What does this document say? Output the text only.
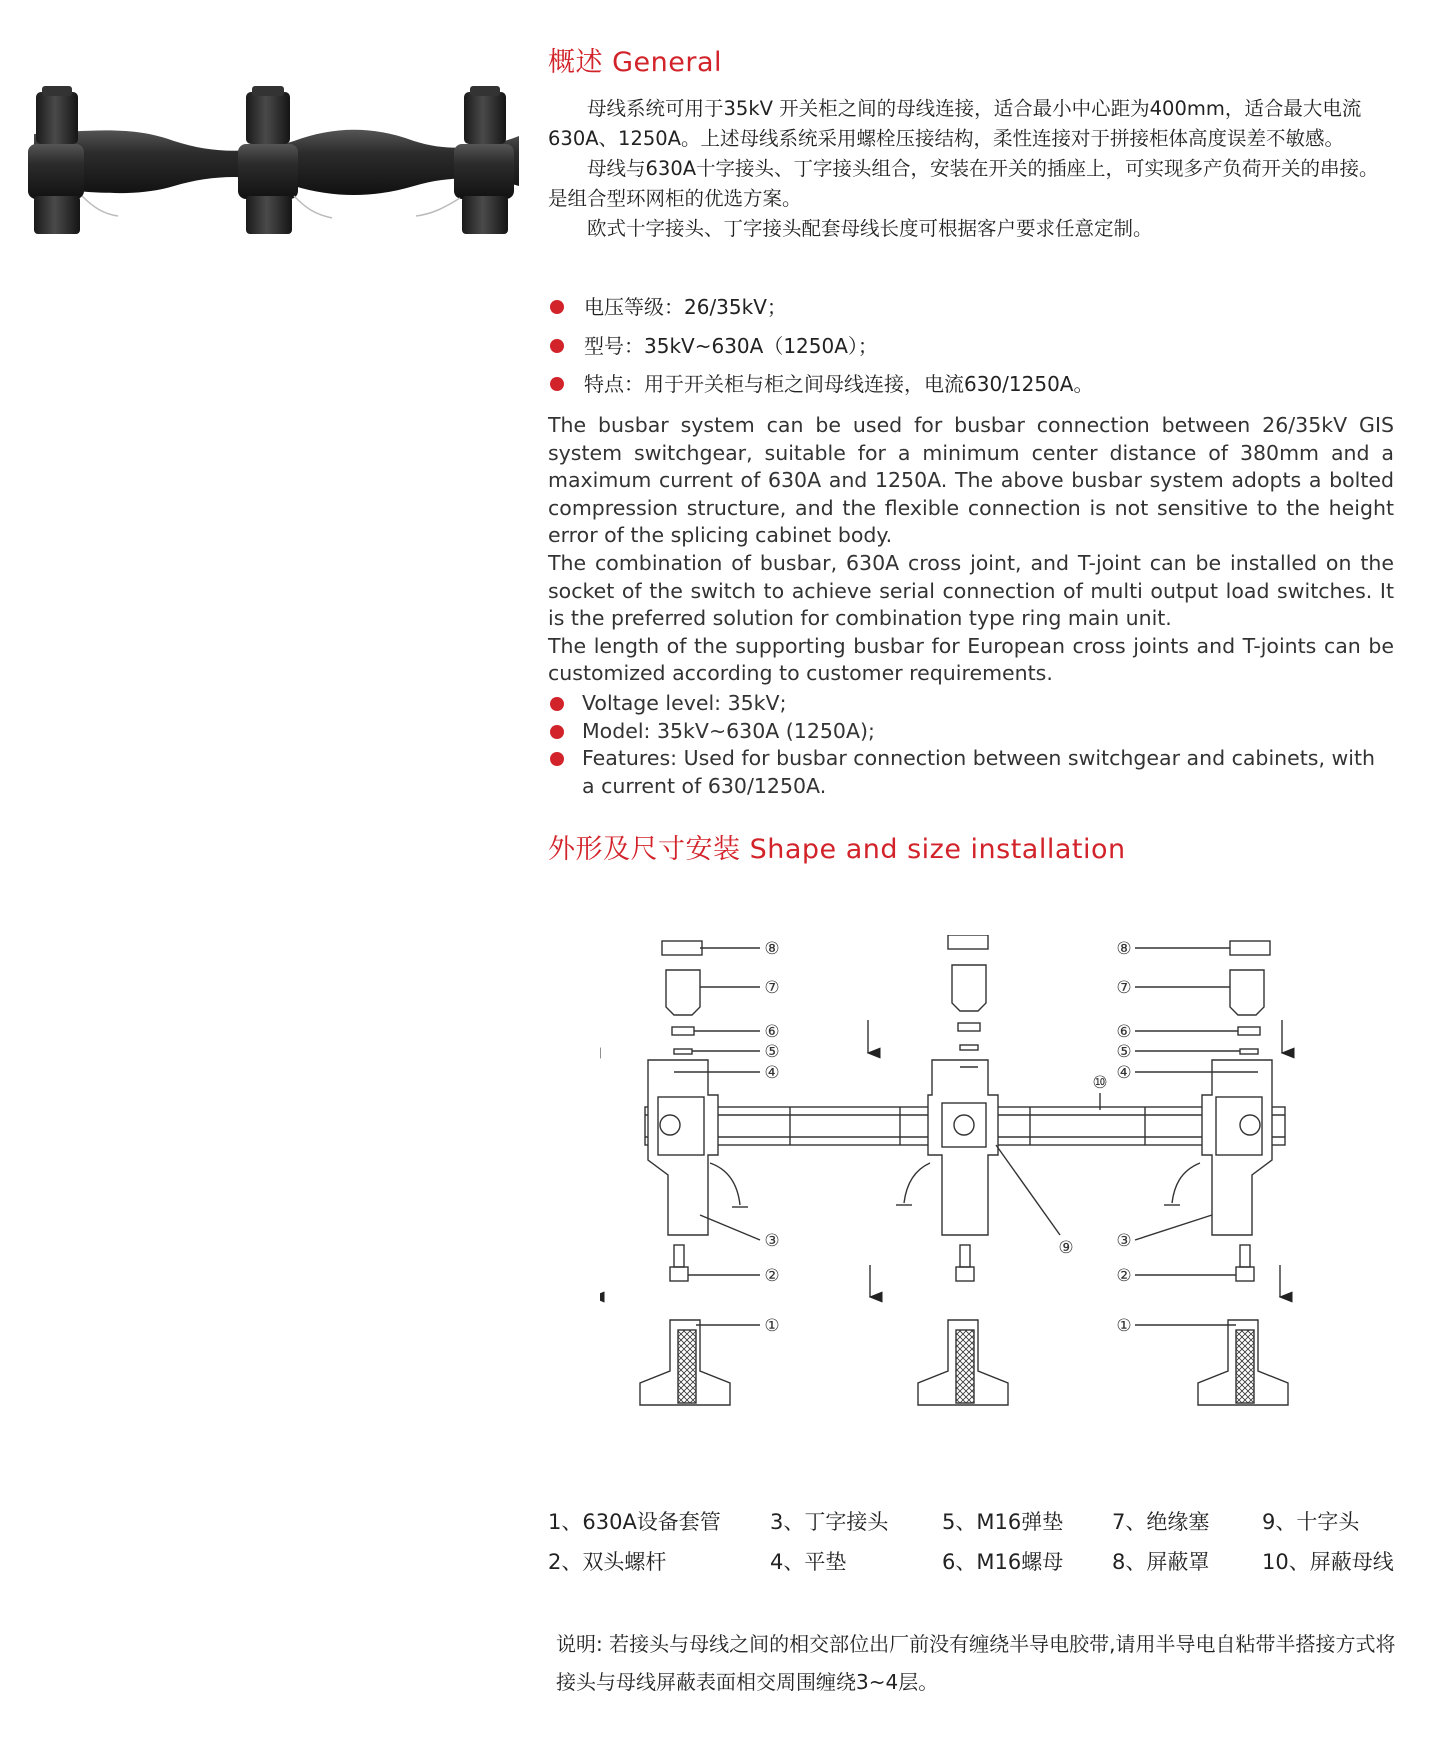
概述 General

母线系统可用于35kV 开关柜之间的母线连接，适合最小中心距为400mm，适合最大电流630A、1250A。上述母线系统采用螺栓压接结构，柔性连接对于拼接柜体高度误差不敏感。

母线与630A十字接头、丁字接头组合，安装在开关的插座上，可实现多产负荷开关的串接。是组合型环网柜的优选方案。

欧式十字接头、丁字接头配套母线长度可根据客户要求任意定制。

电压等级：26/35kV；
型号：35kV~630A（1250A）；
特点：用于开关柜与柜之间母线连接，电流630/1250A。

The busbar system can be used for busbar connection between 26/35kV GIS system switchgear, suitable for a minimum center distance of 380mm and a maximum current of 630A and 1250A. The above busbar system adopts a bolted compression structure, and the flexible connection is not sensitive to the height error of the splicing cabinet body.

The combination of busbar, 630A cross joint, and T-joint can be installed on the socket of the switch to achieve serial connection of multi output load switches. It is the preferred solution for combination type ring main unit.

The length of the supporting busbar for European cross joints and T-joints can be customized according to customer requirements.

Voltage level: 35kV;
Model: 35kV~630A (1250A);
Features: Used for busbar connection between switchgear and cabinets, with a current of 630/1250A.
外形及尺寸安装 Shape and size installation
⑧
⑦
⑥
⑤
④
③
②
①
⑧
⑦
⑥
⑤
④
③
②
①
⑨
⑩
1、630A设备套管 3、丁字接头	5、M16弹垫 7、绝缘塞	9、十字头
2、双头螺杆	4、平垫	6、M16螺母 8、屏蔽罩	10、屏蔽母线
说明: 若接头与母线之间的相交部位出厂前没有缠绕半导电胶带,请用半导电自粘带半搭接方式将接头与母线屏蔽表面相交周围缠绕3~4层。
